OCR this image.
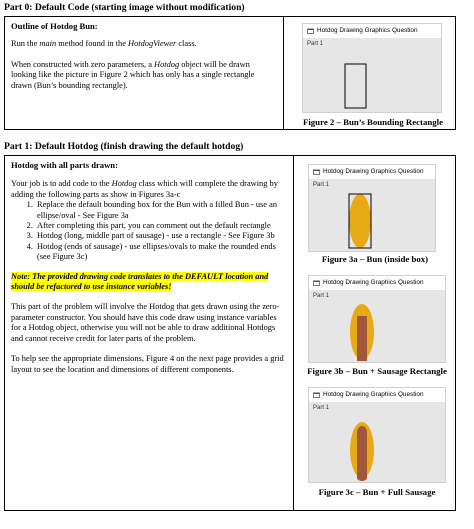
Part 0: Default Code (starting image without modification)

Outline of Hotdog Bun:

Run the main method found in the HotdogViewer class.

When constructed with zero parameters, a Hotdog object will be drawn looking like the picture in Figure 2 which has only has a single rectangle drawn (Bun’s bounding rectangle).

Hotdog Drawing Graphics Question
Part 1
Figure 2 – Bun’s Bounding Rectangle
Part 1: Default Hotdog (finish drawing the default hotdog)

Hotdog with all parts drawn:

Your job is to add code to the Hotdog class which will complete the drawing by adding the following parts as show in Figures 3a-c

1. Replace the default bounding box for the Bun with a filled Bun - use an ellipse/oval - See Figure 3a
2. After completing this part, you can comment out the default rectangle
3. Hotdog (long, middle part of sausage) - use a rectangle - See Figure 3b
4. Hotdog (ends of sausage) - use ellipses/ovals to make the rounded ends (see Figure 3c)

Note: The provided drawing code translates to the DEFAULT location and should be refactored to use instance variables!

This part of the problem will involve the Hotdog that gets drawn using the zero-parameter constructor. You should have this code draw using instance variables for a Hotdog object, otherwise you will not be able to draw additional Hotdogs and cannot receive credit for later parts of the problem.

To help see the appropriate dimensions, Figure 4 on the next page provides a grid layout to see the location and dimensions of different components.

Hotdog Drawing Graphics Question
Part 1
Figure 3a – Bun (inside box)
Hotdog Drawing Graphics Question
Part 1
Figure 3b – Bun + Sausage Rectangle
Hotdog Drawing Graphics Question
Part 1
Figure 3c – Bun + Full Sausage
